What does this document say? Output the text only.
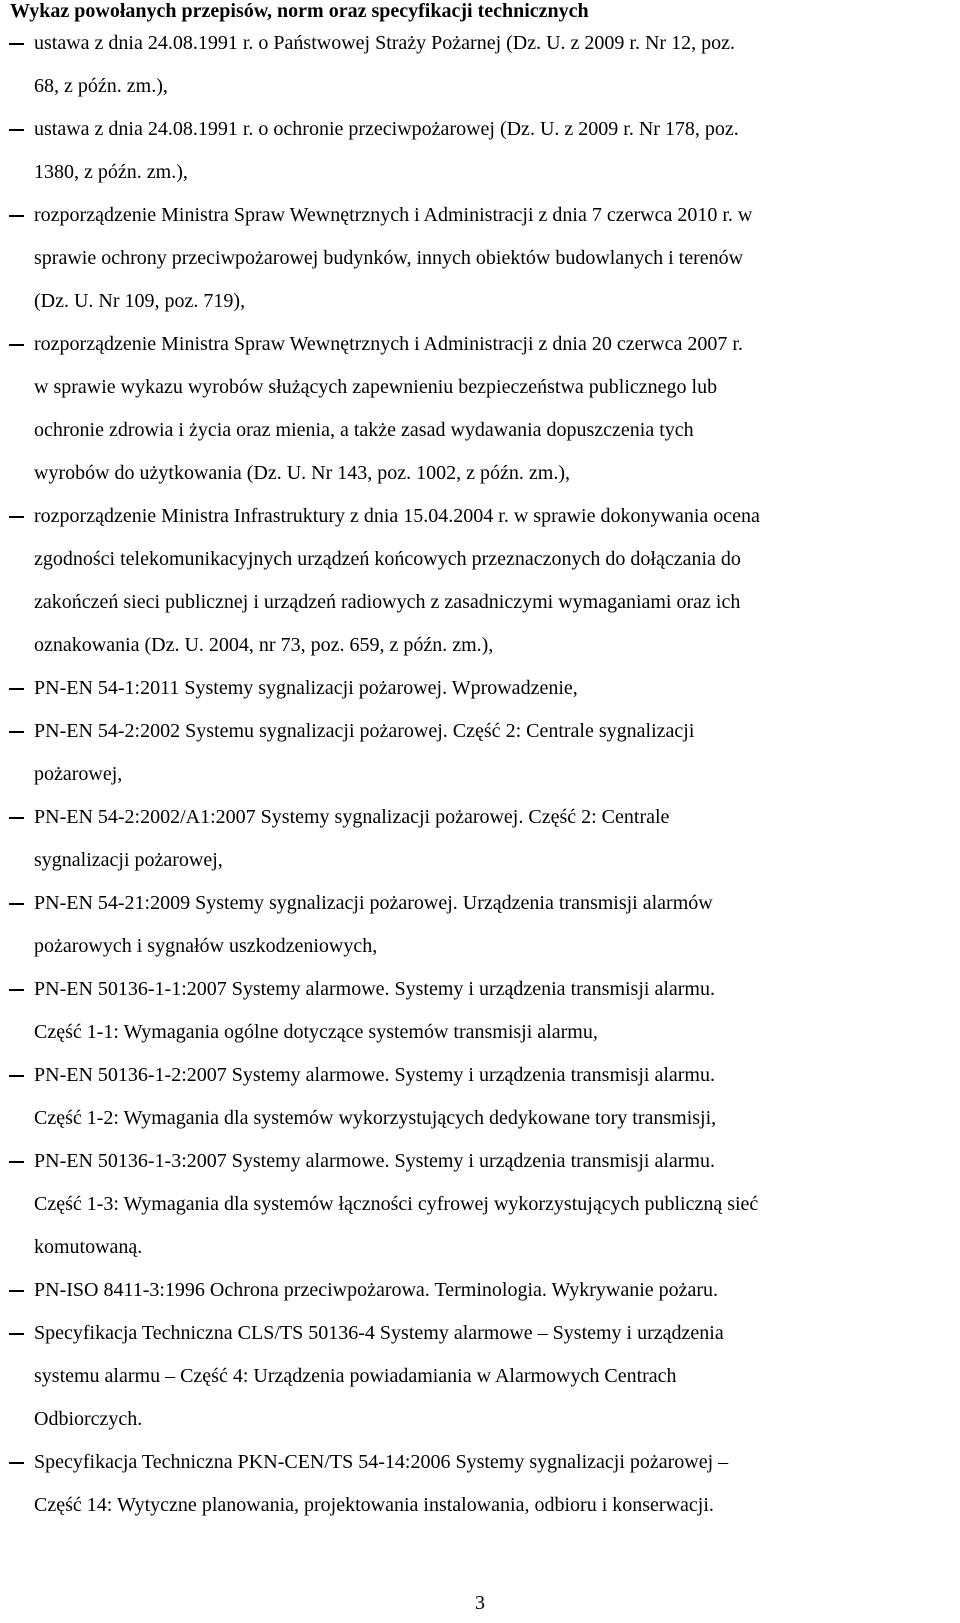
Wykaz powołanych przepisów, norm oraz specyfikacji technicznych
ustawa z dnia 24.08.1991 r. o Państwowej Straży Pożarnej (Dz. U. z 2009 r. Nr 12, poz.
68, z późn. zm.),
ustawa z dnia 24.08.1991 r. o ochronie przeciwpożarowej (Dz. U. z 2009 r. Nr 178, poz.
1380, z późn. zm.),
rozporządzenie Ministra Spraw Wewnętrznych i Administracji z dnia 7 czerwca 2010 r. w
sprawie ochrony przeciwpożarowej budynków, innych obiektów budowlanych i terenów
(Dz. U. Nr 109, poz. 719),
rozporządzenie Ministra Spraw Wewnętrznych i Administracji z dnia 20 czerwca 2007 r.
w sprawie wykazu wyrobów służących zapewnieniu bezpieczeństwa publicznego lub
ochronie zdrowia i życia oraz mienia, a także zasad wydawania dopuszczenia tych
wyrobów do użytkowania (Dz. U. Nr 143, poz. 1002, z późn. zm.),
rozporządzenie Ministra Infrastruktury z dnia 15.04.2004 r. w sprawie dokonywania ocena
zgodności telekomunikacyjnych urządzeń końcowych przeznaczonych do dołączania do
zakończeń sieci publicznej i urządzeń radiowych z zasadniczymi wymaganiami oraz ich
oznakowania (Dz. U. 2004, nr 73, poz. 659, z późn. zm.),
PN-EN 54-1:2011 Systemy sygnalizacji pożarowej. Wprowadzenie,
PN-EN 54-2:2002 Systemu sygnalizacji pożarowej. Część 2: Centrale sygnalizacji
pożarowej,
PN-EN 54-2:2002/A1:2007 Systemy sygnalizacji pożarowej. Część 2: Centrale
sygnalizacji pożarowej,
PN-EN 54-21:2009 Systemy sygnalizacji pożarowej. Urządzenia transmisji alarmów
pożarowych i sygnałów uszkodzeniowych,
PN-EN 50136-1-1:2007 Systemy alarmowe. Systemy i urządzenia transmisji alarmu.
Część 1-1: Wymagania ogólne dotyczące systemów transmisji alarmu,
PN-EN 50136-1-2:2007 Systemy alarmowe. Systemy i urządzenia transmisji alarmu.
Część 1-2: Wymagania dla systemów wykorzystujących dedykowane tory transmisji,
PN-EN 50136-1-3:2007 Systemy alarmowe. Systemy i urządzenia transmisji alarmu.
Część 1-3: Wymagania dla systemów łączności cyfrowej wykorzystujących publiczną sieć
komutowaną.
PN-ISO 8411-3:1996 Ochrona przeciwpożarowa. Terminologia. Wykrywanie pożaru.
Specyfikacja Techniczna CLS/TS 50136-4 Systemy alarmowe – Systemy i urządzenia
systemu alarmu – Część 4: Urządzenia powiadamiania w Alarmowych Centrach
Odbiorczych.
Specyfikacja Techniczna PKN-CEN/TS 54-14:2006 Systemy sygnalizacji pożarowej –
Część 14: Wytyczne planowania, projektowania instalowania, odbioru i konserwacji.
3
